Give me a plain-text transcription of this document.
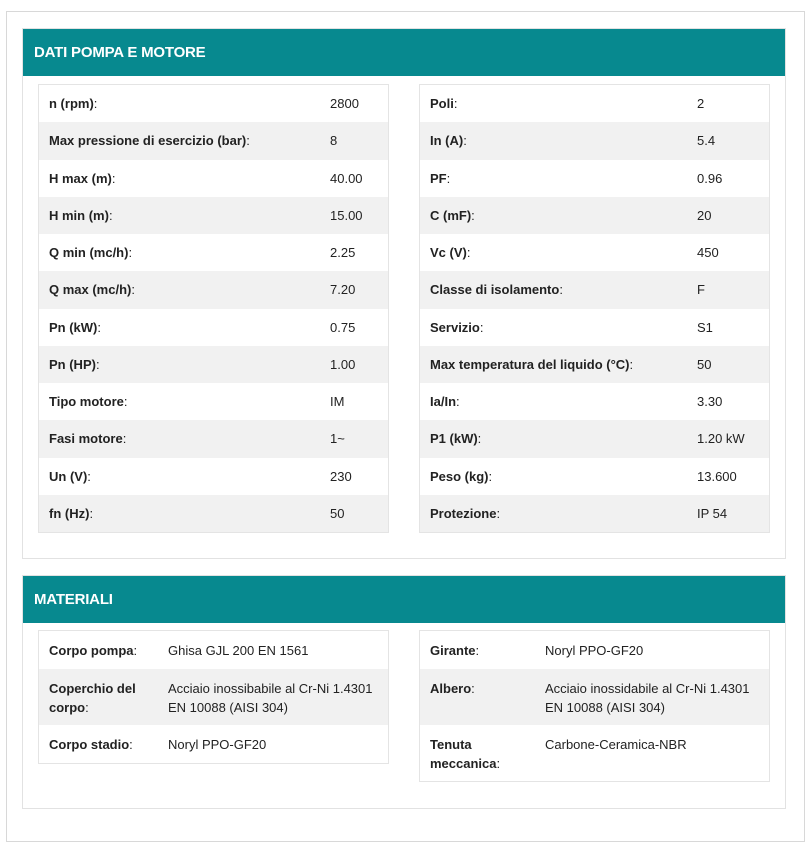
DATI POMPA E MOTORE
n (rpm):	2800
Max pressione di esercizio (bar):	8
H max (m):	40.00
H min (m):	15.00
Q min (mc/h):	2.25
Q max (mc/h):	7.20
Pn (kW):	0.75
Pn (HP):	1.00
Tipo motore:	IM
Fasi motore:	1~
Un (V):	230
fn (Hz):	50
Poli:	2
In (A):	5.4
PF:	0.96
C (mF):	20
Vc (V):	450
Classe di isolamento:	F
Servizio:	S1
Max temperatura del liquido (°C):	50
Ia/In:	3.30
P1 (kW):	1.20 kW
Peso (kg):	13.600
Protezione:	IP 54
MATERIALI
Corpo pompa:	Ghisa GJL 200 EN 1561
Coperchio del corpo:
Acciaio inossibabile al Cr-Ni 1.4301 EN 10088 (AISI 304)
Corpo stadio:	Noryl PPO-GF20
Girante:	Noryl PPO-GF20
Albero:	Acciaio inossidabile al Cr-Ni 1.4301 EN 10088 (AISI 304)
Tenuta meccanica:
Carbone-Ceramica-NBR
